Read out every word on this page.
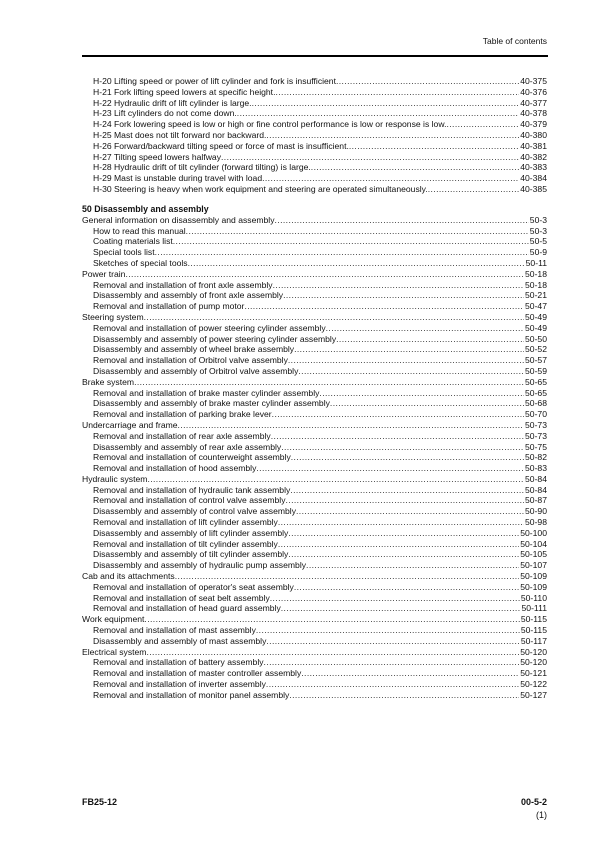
Table of contents
H-20 Lifting speed or power of lift cylinder and fork is insufficient .....	40-375
H-21 Fork lifting speed lowers at specific height. .....	40-376
H-22 Hydraulic drift of lift cylinder is large. .....	40-377
H-23 Lift cylinders do not come down. .....	40-378
H-24 Fork lowering speed is low or high or fine control performance is low or response is low. .....	40-379
H-25 Mast does not tilt forward nor backward. .....	40-380
H-26 Forward/backward tilting speed or force of mast is insufficient. .....	40-381
H-27 Tilting speed lowers halfway .....	40-382
H-28 Hydraulic drift of tilt cylinder (forward tilting) is large. .....	40-383
H-29 Mast is unstable during travel with load .....	40-384
H-30 Steering is heavy when work equipment and steering are operated simultaneously. .....	40-385
50 Disassembly and assembly
General information on disassembly and assembly .....	50-3
How to read this manual .....	50-3
Coating materials list .....	50-5
Special tools list .....	50-9
Sketches of special tools .....	50-11
Power train .....	50-18
Removal and installation of front axle assembly .....	50-18
Disassembly and assembly of front axle assembly .....	50-21
Removal and installation of pump motor .....	50-47
Steering system .....	50-49
Removal and installation of power steering cylinder assembly .....	50-49
Disassembly and assembly of power steering cylinder assembly .....	50-50
Disassembly and assembly of wheel brake assembly .....	50-52
Removal and installation of Orbitrol valve assembly .....	50-57
Disassembly and assembly of Orbitrol valve assembly .....	50-59
Brake system .....	50-65
Removal and installation of brake master cylinder assembly .....	50-65
Disassembly and assembly of brake master cylinder assembly .....	50-68
Removal and installation of parking brake lever .....	50-70
Undercarriage and frame .....	50-73
Removal and installation of rear axle assembly .....	50-73
Disassembly and assembly of rear axle assembly .....	50-75
Removal and installation of counterweight assembly .....	50-82
Removal and installation of hood assembly .....	50-83
Hydraulic system .....	50-84
Removal and installation of hydraulic tank assembly .....	50-84
Removal and installation of control valve assembly .....	50-87
Disassembly and assembly of control valve assembly .....	50-90
Removal and installation of lift cylinder assembly .....	50-98
Disassembly and assembly of lift cylinder assembly .....	50-100
Removal and installation of tilt cylinder assembly .....	50-104
Disassembly and assembly of tilt cylinder assembly .....	50-105
Disassembly and assembly of hydraulic pump assembly .....	50-107
Cab and its attachments .....	50-109
Removal and installation of operator's seat assembly .....	50-109
Removal and installation of seat belt assembly .....	50-110
Removal and installation of head guard assembly .....	50-111
Work equipment .....	50-115
Removal and installation of mast assembly .....	50-115
Disassembly and assembly of mast assembly .....	50-117
Electrical system .....	50-120
Removal and installation of battery assembly .....	50-120
Removal and installation of master controller assembly .....	50-121
Removal and installation of inverter assembly .....	50-122
Removal and installation of monitor panel assembly .....	50-127
FB25-12	00-5-2
(1)
